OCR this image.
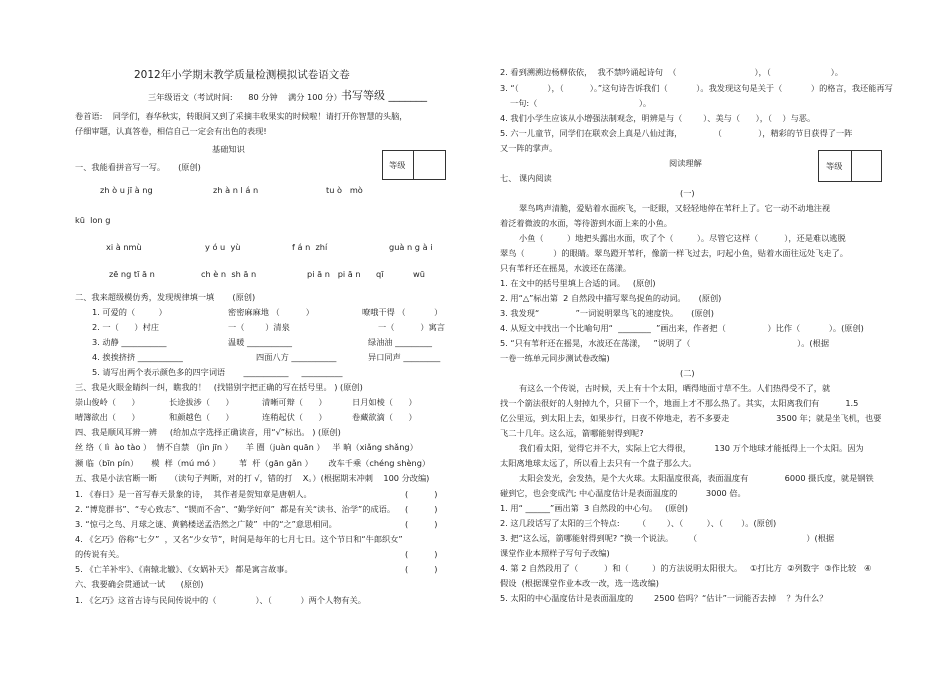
2012年小学期末教学质量检测模拟试卷语文卷
三年级语文（考试时间:      80 分钟    满分 100 分） 书写等级 _______
卷首语:    同学们，春华秋实，转眼间又到了采摘丰收果实的时候啦！请打开你智慧的头脑，
仔细审题，认真答卷，相信自己一定会有出色的表现!
基础知识
等级
一、我能看拼音写一写。     (原创)
zh ò u jī à ng	zh à n l á n	tu ò   mò
kū  lon g
xi à nmù	y ó u  yù	f á n  zhí	guà n g à i
zē ng tī ā n	ch è n  sh ā n	pi ā n   pi ā n qī	wū
二、我来超级模仿秀，发现规律填一填       (原创)
1. 可爱的（         ）	密密麻麻地 （          ）	嘹哦干得 （           ）
2. 一（      ）村庄	一（        ）清泉	一（          ）寓言
3. 动静 ___________	温暖 ___________	绿油油 _________
4. 挨挨挤挤 ___________	四面八方 ___________	异口同声 _________
5. 请写出两个表示颜色多的四字词语       ___________     __________
三、我是火眼金睛纠一纠，瞧我的！   (找错别字把正确的写在括号里。 ) (原创)
崇山俊岭（      ）	长途拔涉（      ）	清晰可辩（      ）	日月如棱（      ）
晴簿欲出（      ）	和颜越色（      ）	连稍起伏（      ）	卷藏欲滴（      ）
四、我是顺风耳辨一辨     (给加点字选择正确读音，用“√”标出。 ) (原创)
丝 络（ lì  ào tào ）  情不自禁 （jìn jīn ）     羊 圈（juàn quān ）   半 晌（xiǎng shǎng）
濒 临（bīn pín）     模  样（mú mó ）       苇  杆（gān gǎn ）      改车千乘（chéng shèng）
五、我是小法官断一断     （读句子判断，对的打 √，错的打    X。）(根据期末冲刺    100 分改编)
1. 《春日》是一首写春天景象的诗，  其作者是贺知章是唐朝人。	(          )
2. “博览群书”、“专心致志”、“锲而不舍”、“勤学好问”  都是有关“读书、治学”的成语。 (          )
3. “惊弓之鸟、月球之谜、黄鹤楼送孟浩然之广陵”  中的“之”意思相同。	(          )
4. 《乞巧》俗称“七夕”  ，又名“少女节”，时间是每年的七月七日。这个节日和“牛郎织女”
的传说有关。	(          )
5. 《亡羊补牢》、《南辕北辙》、《女娲补天》 都是寓言故事。	(          )
六、我要确会贯通试一试      (原创)
1. 《乞巧》这首古诗与民间传说中的（               ）、（           ）两个人物有关。
2. 看到溯溯边杨柳依依，  我不禁吟诵起诗句  （                              ），（                       ）。
3. “（           ），（          ）。”这句诗告诉我们（           ）。我发现这句是关于（           ）的格言，我还能再写
一句:（                                       ）。
4. 我们小学生应该从小增强法制观念，明辨是与（        ）、美与（      ），（    ）与恶。
5. 六一儿童节，同学们在联欢会上真是八仙过海，            （              ），精彩的节目获得了一阵
又一阵的掌声。
阅读理解	等级
七、 课内阅读
(一)
翠鸟鸣声清脆，爱贴着水面疾飞，一眨眼，又轻轻地停在苇秆上了。它一动不动地注视
着泛着微波的水面，等待游到水面上来的小鱼。
小鱼（         ）地把头露出水面，吹了个（         ）。尽管它这样（          ），还是难以逃脱
翠鸟（           ）的眼睛。翠鸟蹬开苇秆，像箭一样飞过去，叼起小鱼，贴着水面往远处飞走了。
只有苇秆还在摇晃，水波还在荡漾。
1. 在文中的括号里填上合适的词。   (原创)
2. 用“△”标出第  2 自然段中描写翠鸟捉鱼的动词。     (原创)
3. 我发现“              ”一词说明翠鸟飞的速度快。     (原创)
4. 从短文中找出一个比喻句用“  ________  ”画出来，作者把（                ）比作（           ）。(原创)
5. “只有苇秆还在摇晃，水波还在荡漾，   ”说明了（                                         ）。(根据
一卷一练单元同步测试卷改编)
(二)
有这么一个传说，古时候，天上有十个太阳，晒得地面寸草不生。人们热得受不了，就
找一个箭法很好的人射掉九个，只留下一个，地面上才不那么热了。其实，太阳离我们有          1.5
亿公里远，到太阳上去，如果步行，日夜不停地走，若不多要走                  3500 年；就是坐飞机，也要
飞二十几年。这么远，箭哪能射得到呢?
我们看太阳，觉得它并不大，实际上它大得很，         130 万个地球才能抵得上一个太阳。因为
太阳离地球太远了，所以看上去只有一个盘子那么大。
太阳会发光，会发热，是个大火球。太阳温度很高，表面温度有              6000 摄氏度，就是钢铁
碰到它，也会变成汽; 中心温度估计是表面温度的           3000 倍。
1. 用“ ______”画出第  3 自然段的中心句。   (原创)
2. 这几段话写了太阳的三个特点:       （        ）、（         ）、（       ）。(原创)
3. 把“这么远，箭哪能射得到呢? ”换一个说法。      （                                          ）(根据
课堂作业本照样子写句子改编)
4. 第 2 自然段用了（          ）和（         ）的方法说明太阳很大。   ①打比方  ②列数字  ③作比较   ④
假设  (根据课堂作业本改一改，选一选改编)
5. 太阳的中心温度估计是表面温度的        2500 倍吗？“估计”一词能否去掉    ？为什么？
